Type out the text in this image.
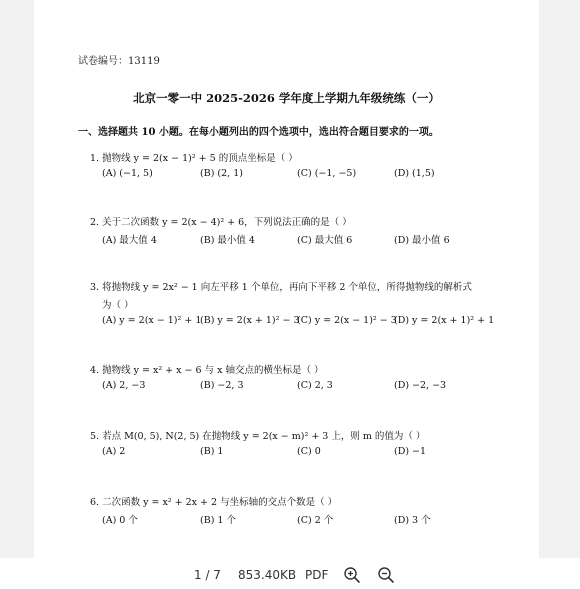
试卷编号：13119
北京一零一中 2025-2026 学年度上学期九年级统练（一）
一、选择题共 10 小题。在每小题列出的四个选项中，选出符合题目要求的一项。
1. 抛物线 y = 2(x − 1)² + 5 的顶点坐标是（ ）
(A) (−1, 5)	(B) (2, 1)	(C) (−1, −5)	(D) (1,5)
2. 关于二次函数 y = 2(x − 4)² + 6，下列说法正确的是（ ）
(A) 最大值 4	(B) 最小值 4	(C) 最大值 6	(D) 最小值 6
3. 将抛物线 y = 2x² − 1 向左平移 1 个单位，再向下平移 2 个单位，所得抛物线的解析式
为（ ）
(A) y = 2(x − 1)² + 1
(B) y = 2(x + 1)² − 3
(C) y = 2(x − 1)² − 3
(D) y = 2(x + 1)² + 1
4. 抛物线 y = x² + x − 6 与 x 轴交点的横坐标是（ ）
(A) 2, −3	(B) −2, 3	(C) 2, 3	(D) −2, −3
5. 若点 M(0, 5), N(2, 5) 在抛物线 y = 2(x − m)² + 3 上，则 m 的值为（ ）
(A) 2	(B) 1	(C) 0	(D) −1
6. 二次函数 y = x² + 2x + 2 与坐标轴的交点个数是（ ）
(A) 0 个	(B) 1 个	(C) 2 个	(D) 3 个
1 / 7 853.40KB PDF
